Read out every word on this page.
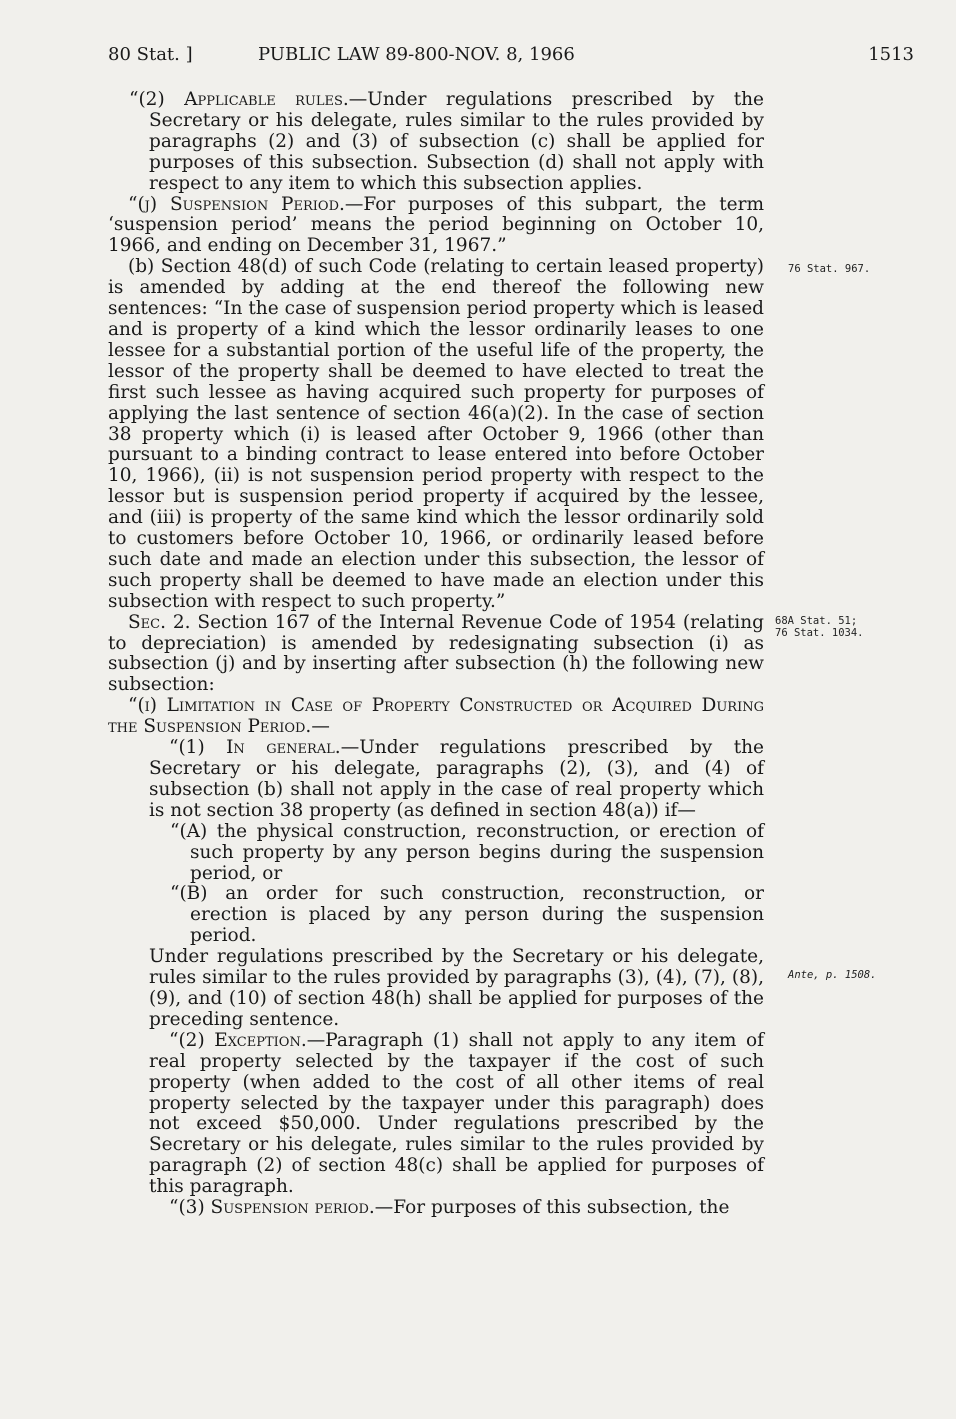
80 Stat. ]	PUBLIC LAW 89-800-NOV. 8, 1966	1513

“(2) Applicable rules.—Under regulations prescribed by the Secretary or his delegate, rules similar to the rules provided by paragraphs (2) and (3) of subsection (c) shall be applied for purposes of this subsection. Subsection (d) shall not apply with respect to any item to which this subsection applies.

“(j) Suspension Period.—For purposes of this subpart, the term ‘suspension period’ means the period beginning on October 10, 1966, and ending on December 31, 1967.”

(b) Section 48(d) of such Code (relating to certain leased property) is amended by adding at the end thereof the following new sentences: “In the case of suspension period property which is leased and is property of a kind which the lessor ordinarily leases to one lessee for a substantial portion of the useful life of the property, the lessor of the property shall be deemed to have elected to treat the first such lessee as having acquired such property for purposes of applying the last sentence of section 46(a)(2). In the case of section 38 property which (i) is leased after October 9, 1966 (other than pursuant to a binding contract to lease entered into before October 10, 1966), (ii) is not suspension period property with respect to the lessor but is suspension period property if acquired by the lessee, and (iii) is property of the same kind which the lessor ordinarily sold to customers before October 10, 1966, or ordinarily leased before such date and made an election under this subsection, the lessor of such property shall be deemed to have made an election under this subsection with respect to such property.”

Sec. 2. Section 167 of the Internal Revenue Code of 1954 (relating to depreciation) is amended by redesignating subsection (i) as subsection (j) and by inserting after subsection (h) the following new subsection:

“(i) Limitation in Case of Property Constructed or Acquired During the Suspension Period.—

“(1) In general.—Under regulations prescribed by the Secretary or his delegate, paragraphs (2), (3), and (4) of subsection (b) shall not apply in the case of real property which is not section 38 property (as defined in section 48(a)) if—

“(A) the physical construction, reconstruction, or erection of such property by any person begins during the suspension period, or

“(B) an order for such construction, reconstruction, or erection is placed by any person during the suspension period.

Under regulations prescribed by the Secretary or his delegate, rules similar to the rules provided by paragraphs (3), (4), (7), (8), (9), and (10) of section 48(h) shall be applied for purposes of the preceding sentence.

“(2) Exception.—Paragraph (1) shall not apply to any item of real property selected by the taxpayer if the cost of such property (when added to the cost of all other items of real property selected by the taxpayer under this paragraph) does not exceed $50,000. Under regulations prescribed by the Secretary or his delegate, rules similar to the rules provided by paragraph (2) of section 48(c) shall be applied for purposes of this paragraph.

“(3) Suspension period.—For purposes of this subsection, the

76 Stat. 967.
68A Stat. 51;
76 Stat. 1034.
Ante, p. 1508.
